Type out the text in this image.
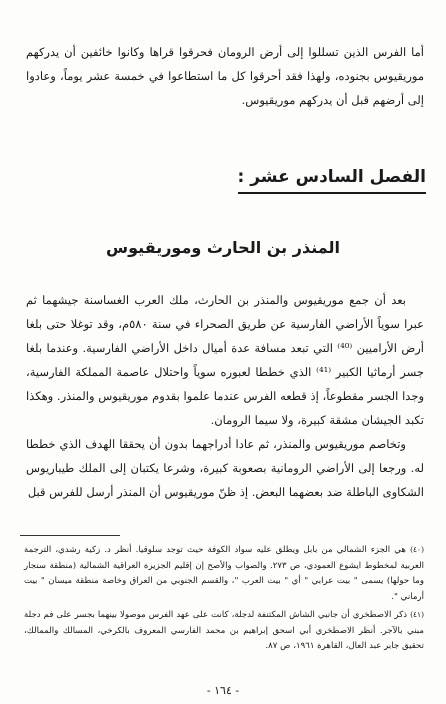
أما الفرس الذين تسللوا إلى أرض الرومان فحرقوا قراها وكانوا خائفين أن يدركهم موريقيوس بجنوده، ولهذا فقد أحرقوا كل ما استطاعوا في خمسة عشر يوماً، وعادوا إلى أرضهم قبل أن يدركهم موريقيوس.

الفصل السادس عشر :
المنذر بن الحارث وموريقيوس

بعد أن جمع موريقيوس والمنذر بن الحارث، ملك العرب الغساسنة جيشهما ثم عبرا سوياً الأراضي الفارسية عن طريق الصحراء في سنة ٥٨٠م، وقد توغلا حتى بلغا أرض الأراميين ⁽⁴⁰⁾ التي تبعد مسافة عدة أميال داخل الأراضي الفارسية. وعندما بلغا جسر أرماثيا الكبير ⁽⁴¹⁾ الذي خططا لعبوره سوياً واحتلال عاصمة المملكة الفارسية، وجدا الجسر مقطوعاً، إذ قطعه الفرس عندما علموا بقدوم موريقيوس والمنذر. وهكذا تكبد الجيشان مشقة كبيرة، ولا سيما الرومان.

وتخاصم موريقيوس والمنذر، ثم عادا أدراجهما بدون أن يحققا الهدف الذي خططا له. ورجعا إلى الأراضي الرومانية بصعوبة كبيرة، وشرعا يكتبان إلى الملك طيباريوس الشكاوى الباطلة ضد بعضهما البعض. إذ ظنّ موريقيوس أن المنذر أرسل للفرس قبل

(٤٠) هي الجزء الشمالي من بابل ويطلق عليه سواد الكوفة حيث توجد سلوقيا. أنظر د. زكية رشدي، الترجمة العربية لمخطوط ايشوع العمودي، ص ٢٧٣. والصواب والأصح إن إقليم الجزيرة العراقية الشمالية (منطقة سنجار وما حولها) يسمى " بيت عرابي " أي " بيت العرب "، والقسم الجنوبي من العراق وخاصة منطقة ميسان " بيت أرماني ".

(٤١) ذكر الاصطخري أن جانبي الشاش المكتنفة لدجلة، كانت على عهد الفرس موصولا بينهما بجسر على فم دجلة مبني بالآجر. أنظر الاصطخري أبي اسحق إبراهيم بن محمد الفارسي المعروف بالكرخي، المسالك والممالك، تحقيق جابر عبد العال، القاهرة ١٩٦١، ص ٨٧.

- ١٦٤ -
